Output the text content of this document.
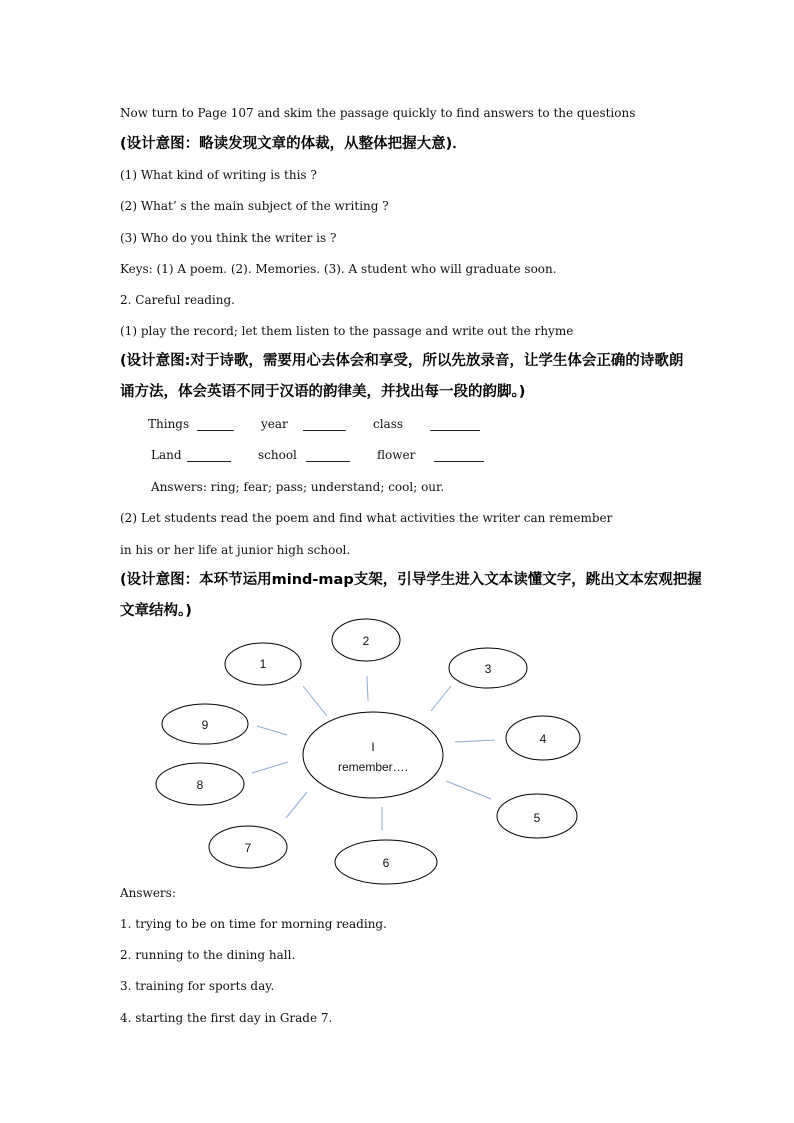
Now turn to Page 107 and skim the passage quickly to find answers to the questions
(设计意图：略读发现文章的体裁，从整体把握大意)．
(1) What kind of writing is this ?
(2) What’ s the main subject of the writing ?
(3) Who do you think the writer is ?
Keys: (1) A poem. (2). Memories. (3). A student who will graduate soon.
2. Careful reading.
(1) play the record; let them listen to the passage and write out the rhyme
(设计意图:对于诗歌，需要用心去体会和享受，所以先放录音，让学生体会正确的诗歌朗
诵方法，体会英语不同于汉语的韵律美，并找出每一段的韵脚。)
Things	year	class
Land	school	flower
Answers: ring; fear; pass; understand; cool; our.
(2) Let students read the poem and find what activities the writer can remember
in his or her life at junior high school.
(设计意图：本环节运用mind-map支架，引导学生进入文本读懂文字，跳出文本宏观把握
文章结构。)
I
remember….
1
2
3
4
5
6
7
8
9
Answers:
1. trying to be on time for morning reading.
2. running to the dining hall.
3. training for sports day.
4. starting the first day in Grade 7.
